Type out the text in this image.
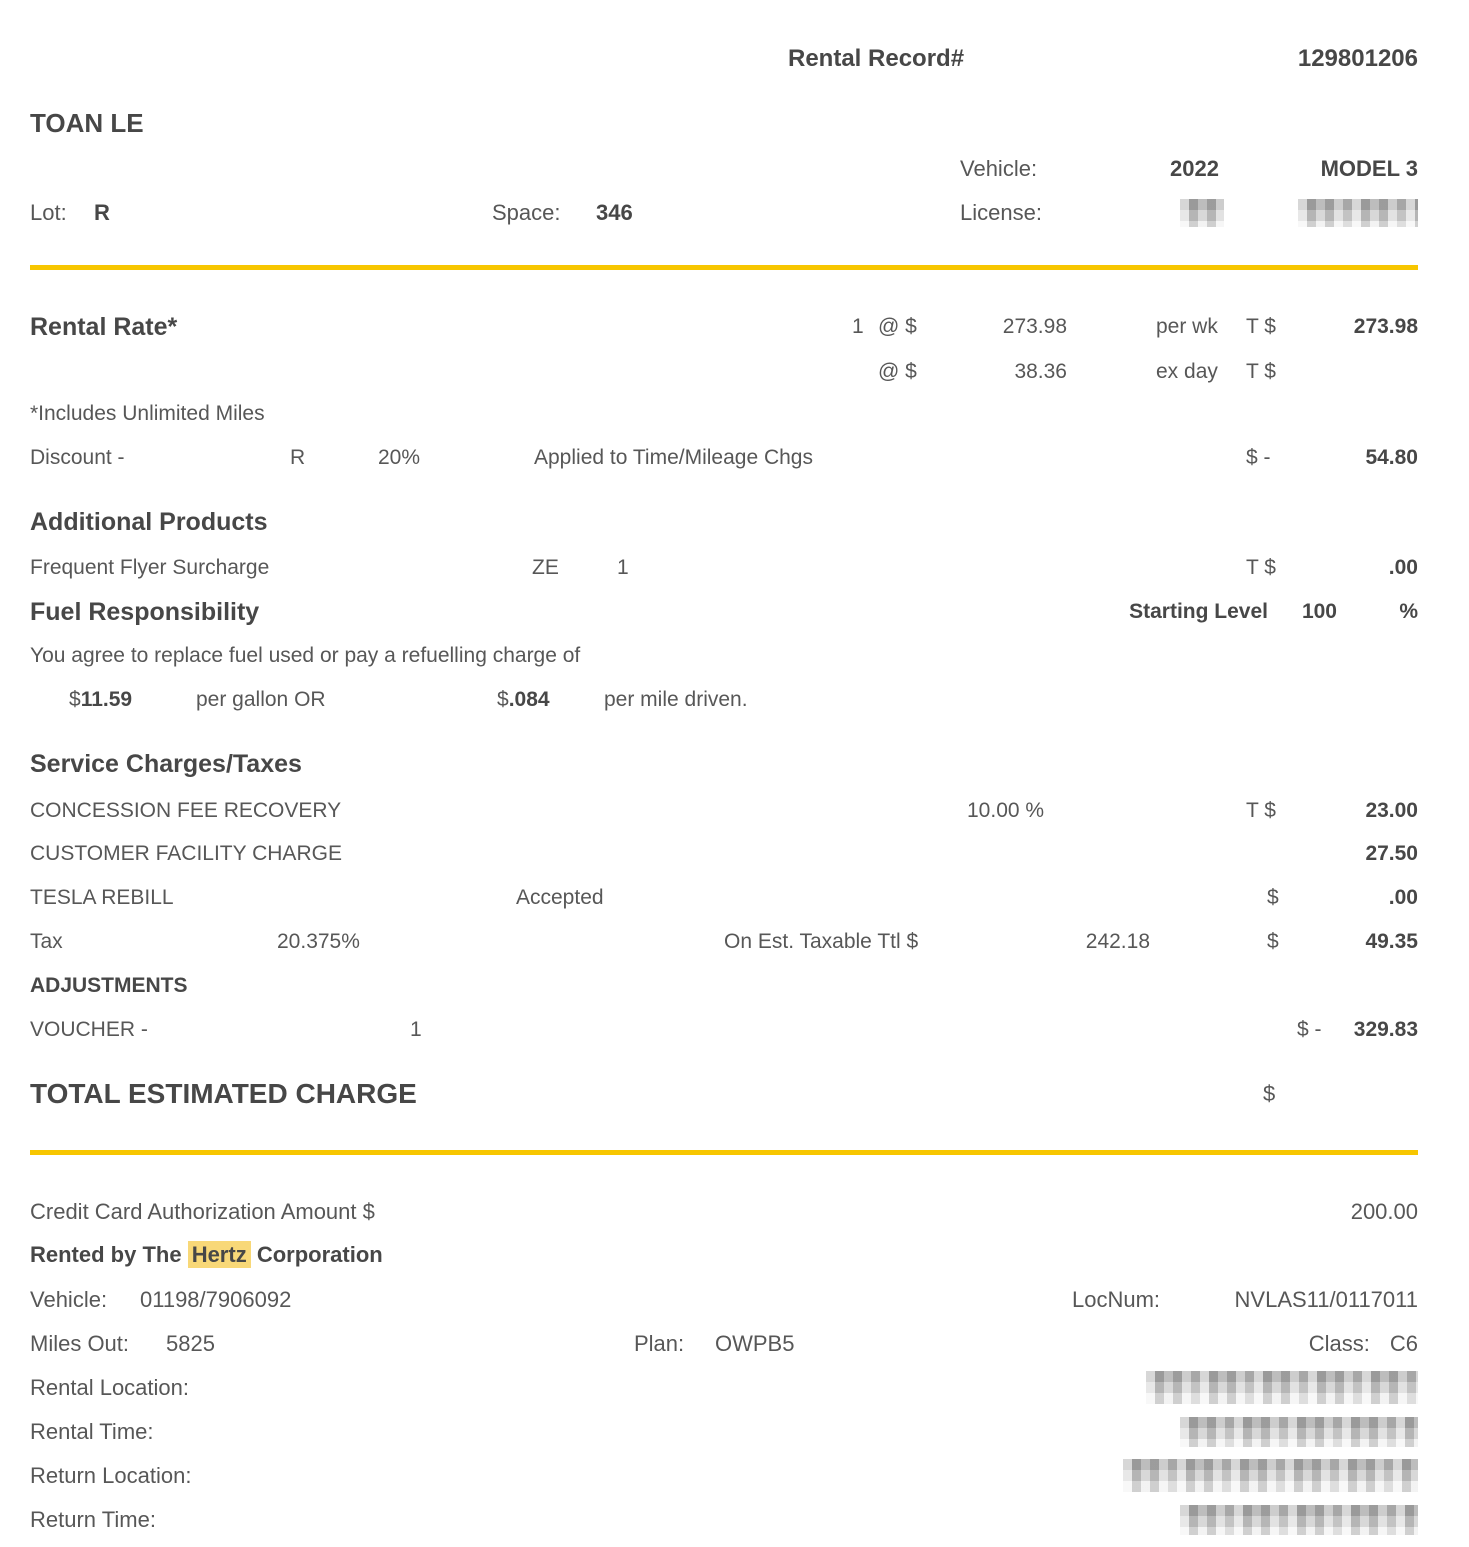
Rental Record#	129801206
TOAN LE
Vehicle:	2022	MODEL 3
Lot: R	Space: 346	License:
Rental Rate*	1 @ $	273.98	per wk T $	273.98
@ $	38.36	ex day T $
*Includes Unlimited Miles
Discount -	R	20%	Applied to Time/Mileage Chgs	$ -	54.80
Additional Products
Frequent Flyer Surcharge	ZE	1	T $	.00
Fuel Responsibility	Starting Level 100	%
You agree to replace fuel used or pay a refuelling charge of
$11.59	per gallon OR	$.084	per mile driven.
Service Charges/Taxes
CONCESSION FEE RECOVERY	10.00 %	T $	23.00
CUSTOMER FACILITY CHARGE	27.50
TESLA REBILL	Accepted	$	.00
Tax	20.375%	On Est. Taxable Ttl $	242.18	$	49.35
ADJUSTMENTS
VOUCHER -	1	$ - 329.83
TOTAL ESTIMATED CHARGE	$
Credit Card Authorization Amount $	200.00
Rented by The Hertz Corporation
Vehicle: 01198/7906092	LocNum:	NVLAS11/0117011
Miles Out: 5825	Plan: OWPB5	Class: C6
Rental Location:
Rental Time:
Return Location:
Return Time:
